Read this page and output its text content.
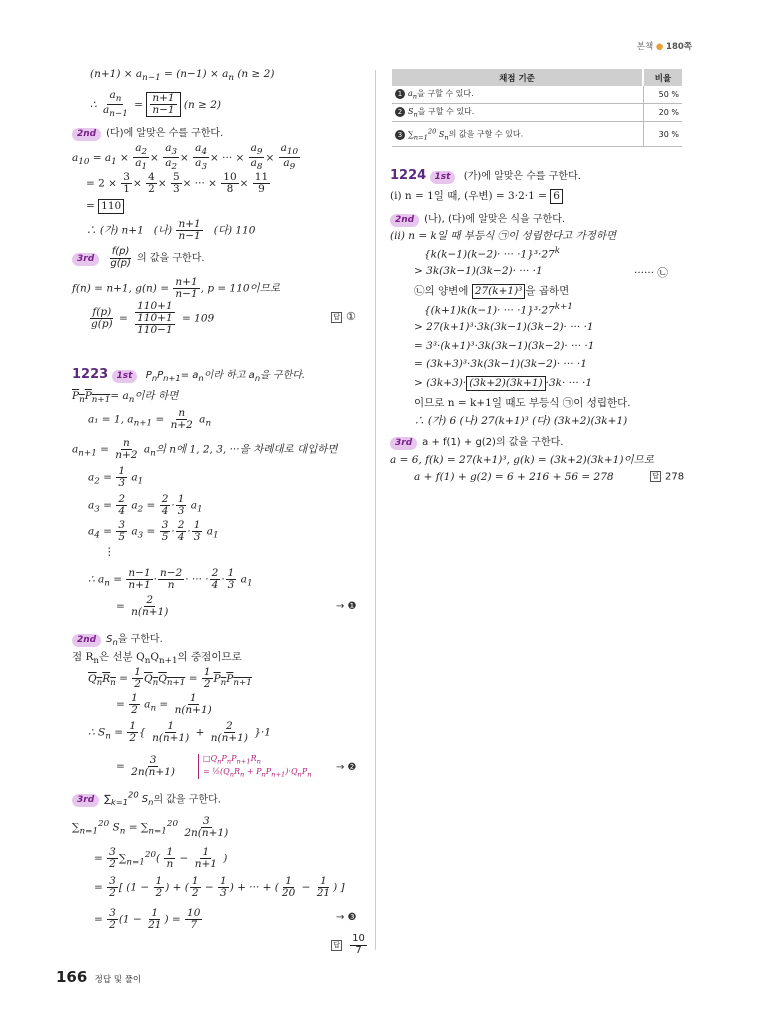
본책 ● 180쪽
$(n+1) \times a_{n-1} = (n-1) \times a_n$ (n ≥ 2)
∴ $\frac{a_n}{a_{n-1}} = \frac{n+1}{n-1} (n \ge 2)$
2nd (다)에 알맞은 수를 구한다.
$a_{10} = a_1 \times \frac{a_2}{a_1} \times \frac{a_3}{a_2} \times \frac{a_4}{a_3}$ × ··· × $\frac{a_9}{a_8} \times \frac{a_{10}}{a_9}$
= $2 \times \frac{3}{1} \times \frac{4}{2} \times \frac{5}{3}$ × ··· × $\frac{10}{8} \times \frac{11}{9}$
= 110
∴ (가) n+1 (나) $\frac{n+1}{n-1}$ (다) 110
$3rd \frac{f(p)}{g(p)}$ 의 값을 구한다.
f(n) = n+1, $g(n) = \frac{n+1}{n-1}$ , p = 110이므로
$\frac{f(p)}{g(p)} = \frac{110+1}{\frac{110+1}{110-1}} = 109$	답 ①
1223 1st $P_nP_{n+1}= a_n$이라 하고 $a_n$을 구한다.
$P_nP_{n+1}= a_n$이라 하면
a₁ = 1, $a_{n+1} = \frac{n}{n+2} a_n$
$a_{n+1} = \frac{n}{n+2} a_n$의 n에 1, 2, 3, ···을 차례대로 대입하면
$a_2 = \frac{1}{3} a_1$
$a_3 = \frac{2}{4} a_2 = \frac{2}{4} \cdot \frac{1}{3} a_1$
$a_4 = \frac{3}{5} a_3 = \frac{3}{5} \cdot \frac{2}{4} \cdot \frac{1}{3} a_1$
⋮
∴ $a_n = \frac{n-1}{n+1} \cdot \frac{n-2}{n}$ · ··· · $\frac{2}{4} \cdot \frac{1}{3} a_1$
= $\frac{2}{n(n+1)}$	→ ❶
2nd $S_n$을 구한다.
점 $R_n$은 선분 $Q_nQ_{n+1}$의 중점이므로
$Q_nR_n = \frac{1}{2} Q_nQ_{n+1} = \frac{1}{2} P_nP_{n+1}$
= $\frac{1}{2} a_n = \frac{1}{n(n+1)}$
∴ $S_n = \frac{1}{2}$ { $\frac{1}{n(n+1)} + \frac{2}{n(n+1)} \}\cdot 1$
= $\frac{3}{2n(n+1)}$	$□Q_nP_nP_{n+1}R_n$
= $\frac{1}{2}(Q_nR_n + P_nP_{n+1})\cdot Q_nP_n$
→ ❷
3rd $\sum_{k=1}^{20}$ $S_n$의 값을 구한다.
$\sum_{n=1}^{20}$ $S_n = \sum_{n=1}^{20} \frac{3}{2n(n+1)}$
= $\frac{3}{2} \sum_{n=1}^{20}( \frac{1}{n} - \frac{1}{n+1}$ )
= $\frac{3}{2}$ [ ($1 - \frac{1}{2}$ ) + ( $\frac{1}{2} - \frac{1}{3}$ ) + ··· + ( $\frac{1}{20} - \frac{1}{21}$ ) ]
= $\frac{3}{2} (1 - \frac{1}{21}$ ) = $\frac{10}{7}$	→ ❸
답 $\frac{10}{7}$
채점 기준	비율
1 $a_n$을 구할 수 있다.	50 %
2 $S_n$을 구할 수 있다.	20 %
3 $\sum_{n=1}^{20}$ $S_n$의 값을 구할 수 있다.	30 %
1224 1st (가)에 알맞은 수를 구한다.
(ⅰ) n = 1일 때, (우변) = 3·2·1 = 6
2nd (나), (다)에 알맞은 식을 구한다.
(ⅱ) n = k일 때 부등식 ㉠이 성립한다고 가정하면
{k(k−1)(k−2)· ··· $\cdot 1\}^3\cdot 27^k$
> 3k(3k−1)(3k−2)· ··· ·1	······ ㉡
㉡의 양변에 27(k+1)³ 을 곱하면
{(k+1)k(k−1)· ··· $\cdot 1\}^3\cdot 27^{k+1}$
> 27(k+1)³·3k(3k−1)(3k−2)· ··· ·1
= 3³·(k+1)³·3k(3k−1)(3k−2)· ··· ·1
= (3k+3)³·3k(3k−1)(3k−2)· ··· ·1
> (3k+3)· (3k+2)(3k+1) ·3k· ··· ·1
이므로 n = k+1일 때도 부등식 ㉠이 성립한다.
∴ (가) 6 (나) 27(k+1)³ (다) (3k+2)(3k+1)
3rd a + f(1) + g(2)의 값을 구한다.
a = 6, f(k) = 27(k+1)³, g(k) = (3k+2)(3k+1)이므로
a + f(1) + g(2) = 6 + 216 + 56 = 278	답 278
166 정답 및 풀이
